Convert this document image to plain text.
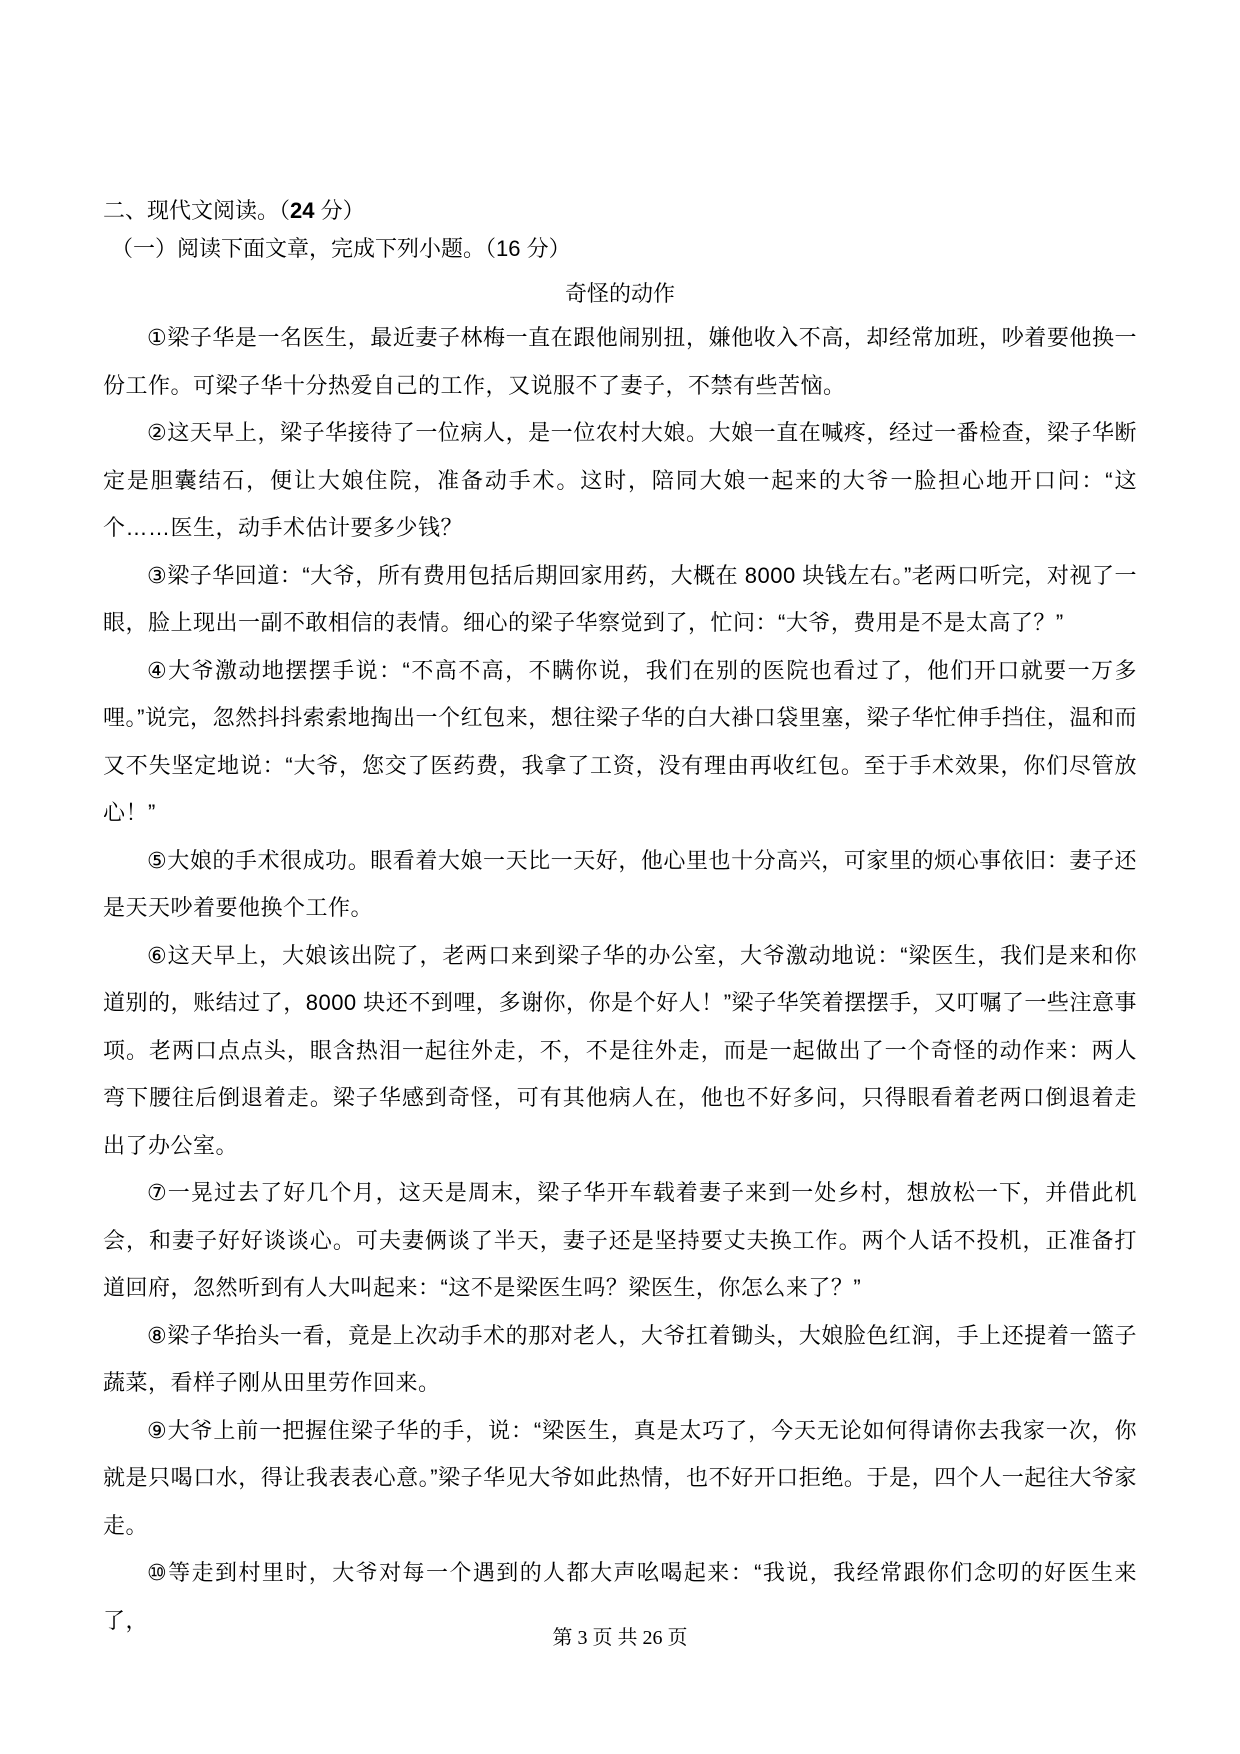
二、现代文阅读。（24 分）

（一）阅读下面文章，完成下列小题。（16 分）

奇怪的动作

①梁子华是一名医生，最近妻子林梅一直在跟他闹别扭，嫌他收入不高，却经常加班，吵着要他换一份工作。可梁子华十分热爱自己的工作，又说服不了妻子，不禁有些苦恼。

②这天早上，梁子华接待了一位病人，是一位农村大娘。大娘一直在喊疼，经过一番检查，梁子华断定是胆囊结石，便让大娘住院，准备动手术。这时，陪同大娘一起来的大爷一脸担心地开口问：“这个……医生，动手术估计要多少钱？

③梁子华回道：“大爷，所有费用包括后期回家用药，大概在 8000 块钱左右。”老两口听完，对视了一眼，脸上现出一副不敢相信的表情。细心的梁子华察觉到了，忙问：“大爷，费用是不是太高了？”

④大爷激动地摆摆手说：“不高不高，不瞒你说，我们在别的医院也看过了，他们开口就要一万多哩。”说完，忽然抖抖索索地掏出一个红包来，想往梁子华的白大褂口袋里塞，梁子华忙伸手挡住，温和而又不失坚定地说：“大爷，您交了医药费，我拿了工资，没有理由再收红包。至于手术效果，你们尽管放心！”

⑤大娘的手术很成功。眼看着大娘一天比一天好，他心里也十分高兴，可家里的烦心事依旧：妻子还是天天吵着要他换个工作。

⑥这天早上，大娘该出院了，老两口来到梁子华的办公室，大爷激动地说：“梁医生，我们是来和你道别的，账结过了，8000 块还不到哩，多谢你，你是个好人！”梁子华笑着摆摆手，又叮嘱了一些注意事项。老两口点点头，眼含热泪一起往外走，不，不是往外走，而是一起做出了一个奇怪的动作来：两人弯下腰往后倒退着走。梁子华感到奇怪，可有其他病人在，他也不好多问，只得眼看着老两口倒退着走出了办公室。

⑦一晃过去了好几个月，这天是周末，梁子华开车载着妻子来到一处乡村，想放松一下，并借此机会，和妻子好好谈谈心。可夫妻俩谈了半天，妻子还是坚持要丈夫换工作。两个人话不投机，正准备打道回府，忽然听到有人大叫起来：“这不是梁医生吗？梁医生，你怎么来了？”

⑧梁子华抬头一看，竟是上次动手术的那对老人，大爷扛着锄头，大娘脸色红润，手上还提着一篮子蔬菜，看样子刚从田里劳作回来。

⑨大爷上前一把握住梁子华的手，说：“梁医生，真是太巧了，今天无论如何得请你去我家一次，你就是只喝口水，得让我表表心意。”梁子华见大爷如此热情，也不好开口拒绝。于是，四个人一起往大爷家走。

⑩等走到村里时，大爷对每一个遇到的人都大声吆喝起来：“我说，我经常跟你们念叨的好医生来了，

第 3 页 共 26 页
